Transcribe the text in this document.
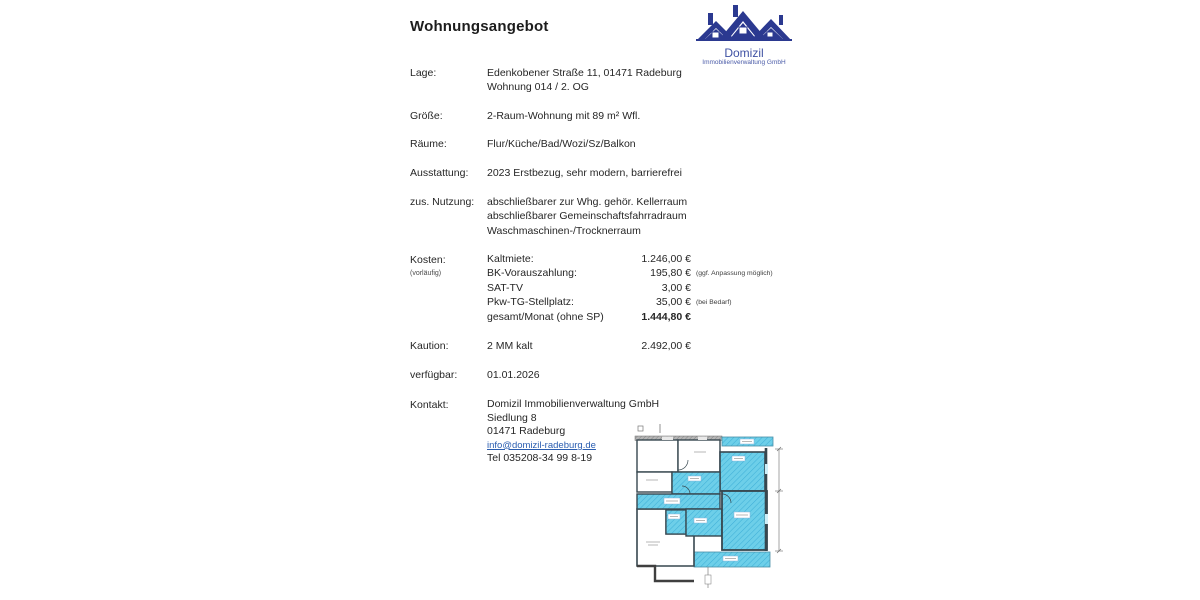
Wohnungsangebot
Domizil
Immobilienverwaltung GmbH
Lage:	Edenkobener Straße 11, 01471 Radeburg
Wohnung 014 / 2. OG
Größe:	2-Raum-Wohnung mit 89 m² Wfl.
Räume:	Flur/Küche/Bad/Wozi/Sz/Balkon
Ausstattung:	2023 Erstbezug, sehr modern, barrierefrei
zus. Nutzung:	abschließbarer zur Whg. gehör. Kellerraum
abschließbarer Gemeinschaftsfahrradraum
Waschmaschinen-/Trocknerraum
Kosten:
(vorläufig)
Kaltmiete:	1.246,00 €
BK-Vorauszahlung:	195,80 € (ggf. Anpassung möglich)
SAT-TV	3,00 €
Pkw-TG-Stellplatz:	35,00 € (bei Bedarf)
gesamt/Monat (ohne SP)	1.444,80 €
Kaution:	2 MM kalt	2.492,00 €
verfügbar:	01.01.2026
Kontakt:	Domizil Immobilienverwaltung GmbH
Siedlung 8
01471 Radeburg
info@domizil-radeburg.de
Tel 035208-34 99 8-19
